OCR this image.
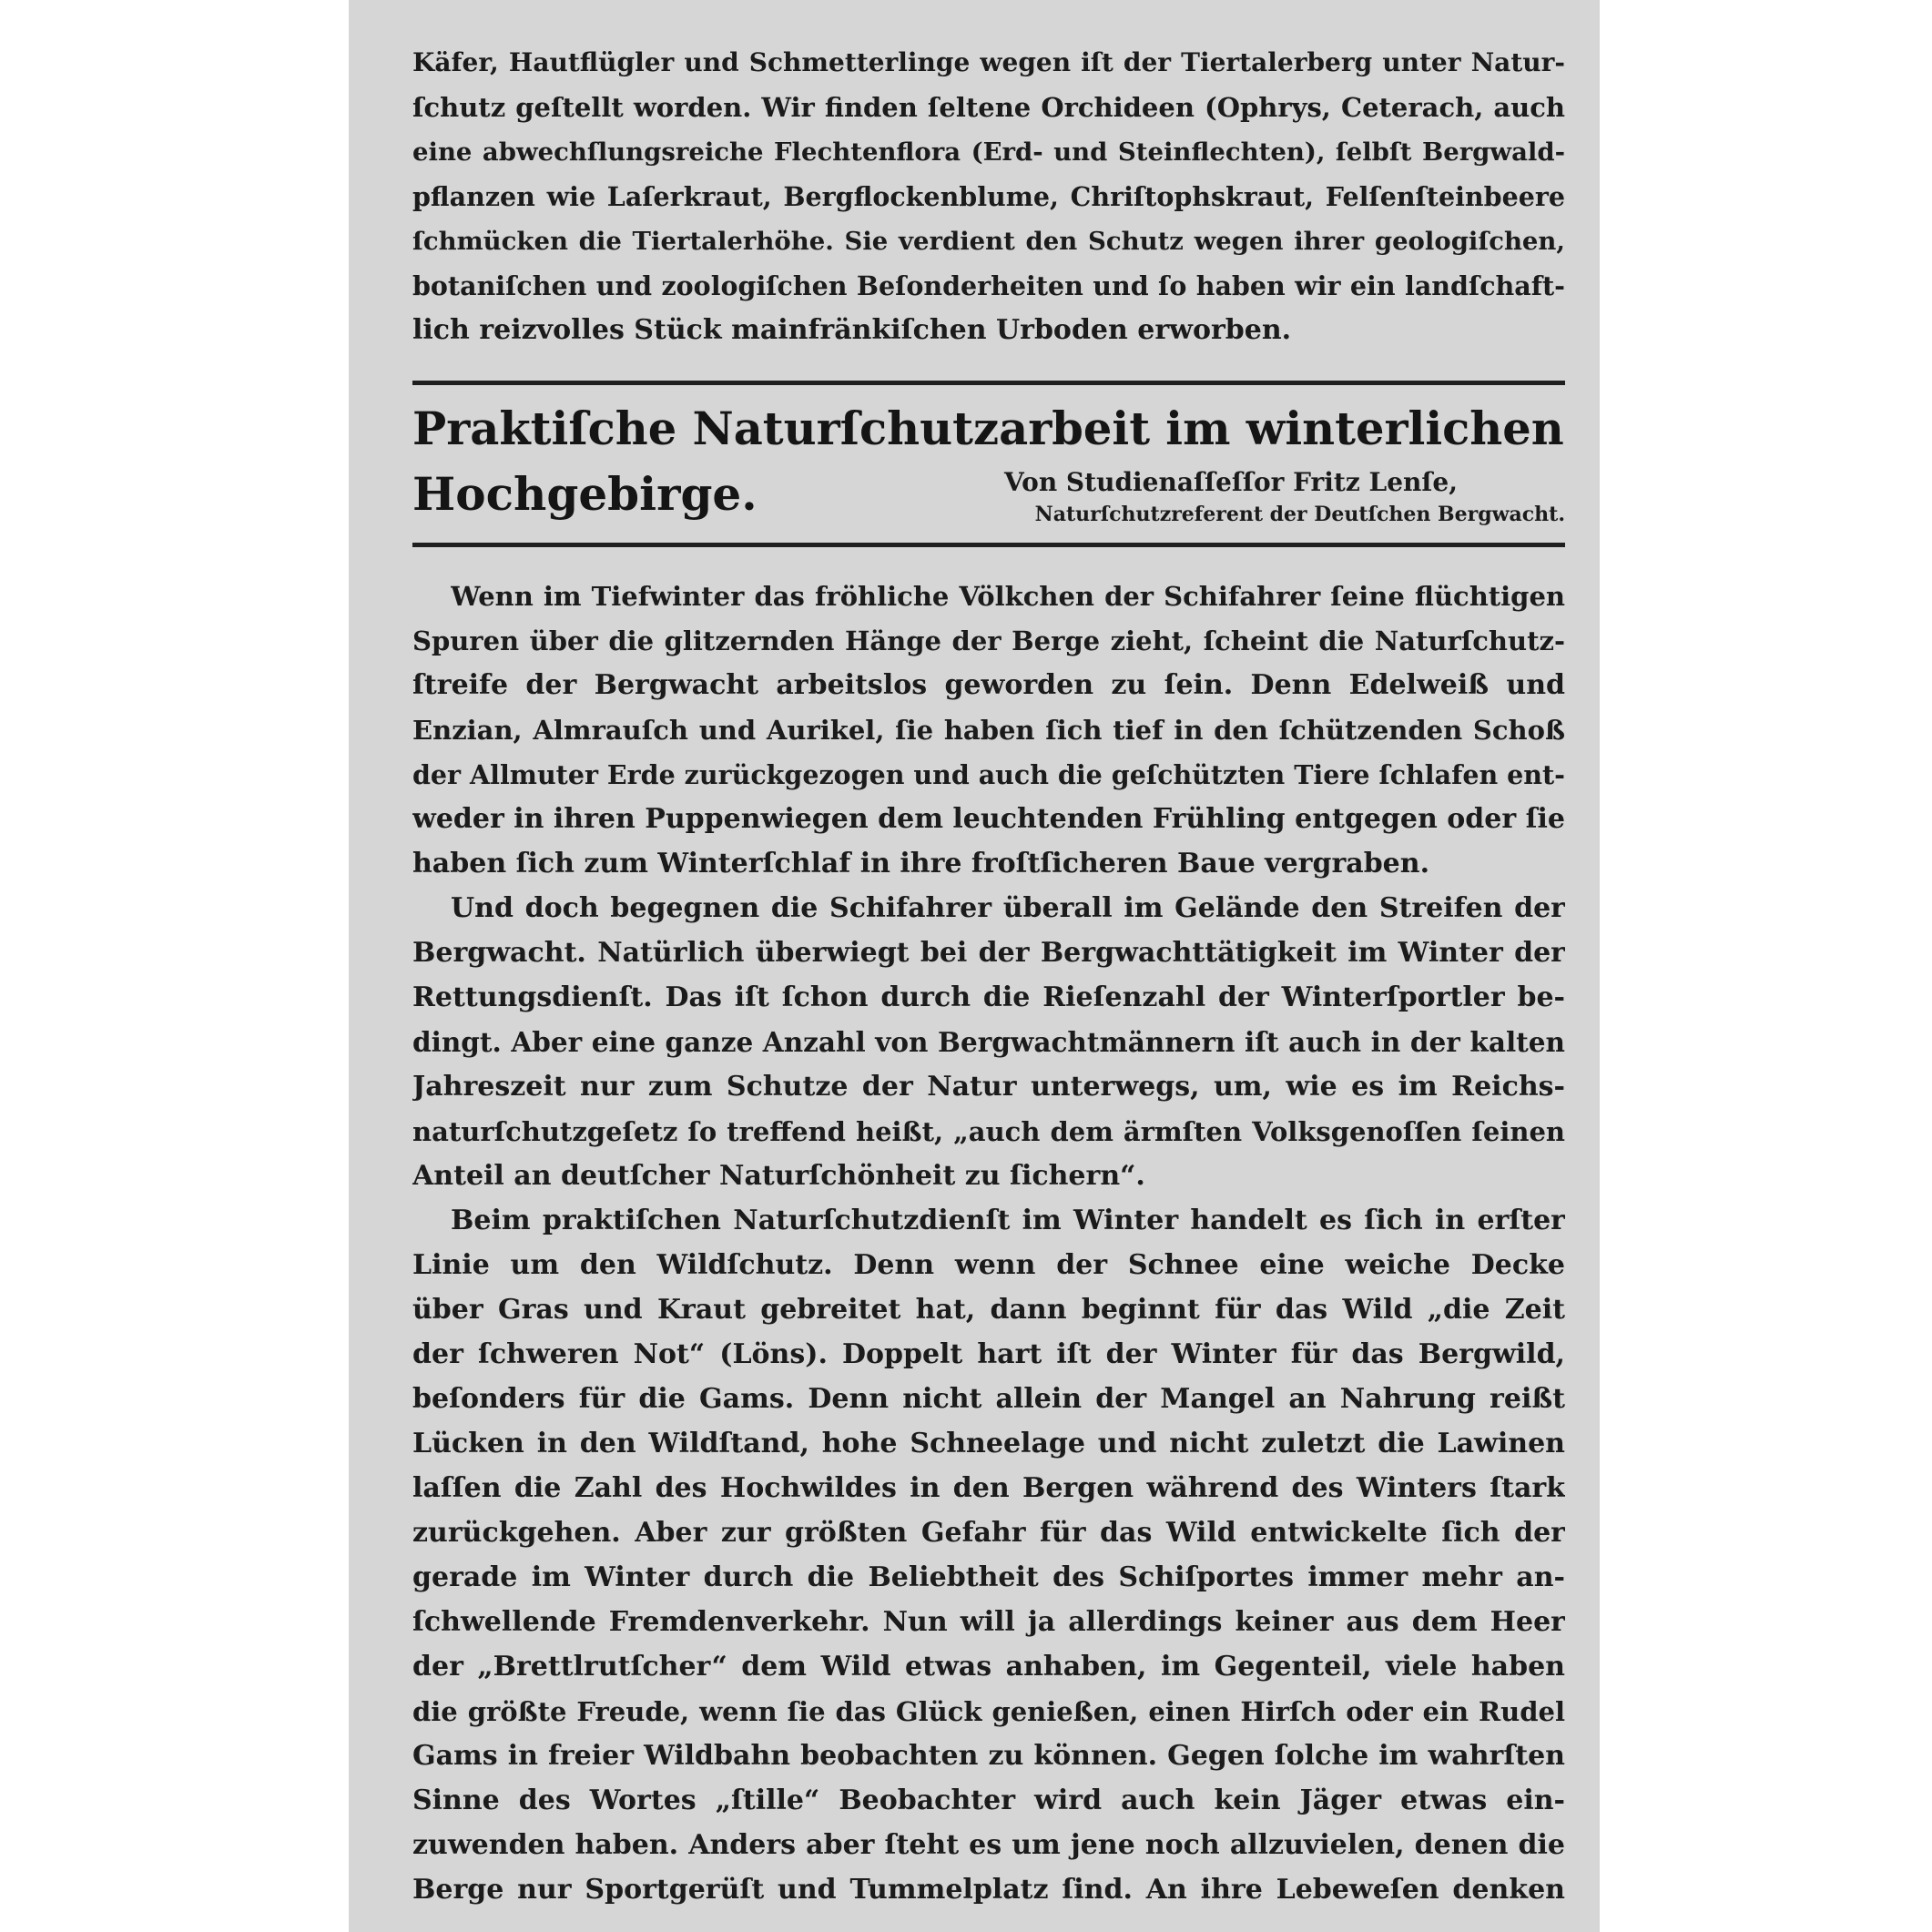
Käfer, Hautflügler und Schmetterlinge wegen iſt der Tiertalerberg unter Natur-
ſchutz geſtellt worden. Wir finden ſeltene Orchideen (Ophrys, Ceterach, auch
eine abwechſlungsreiche Flechtenflora (Erd- und Steinflechten), ſelbſt Bergwald-
pflanzen wie Laſerkraut, Bergflockenblume, Chriſtophskraut, Felſenſteinbeere
ſchmücken die Tiertalerhöhe. Sie verdient den Schutz wegen ihrer geologiſchen,
botaniſchen und zoologiſchen Beſonderheiten und ſo haben wir ein landſchaft-
lich reizvolles Stück mainfränkiſchen Urboden erworben.
Praktiſche Naturſchutzarbeit im winterlichen
Hochgebirge.	Von Studienaſſeſſor Fritz Lenſe,
Naturſchutzreferent der Deutſchen Bergwacht.
Wenn im Tiefwinter das fröhliche Völkchen der Schifahrer ſeine flüchtigen
Spuren über die glitzernden Hänge der Berge zieht, ſcheint die Naturſchutz-
ſtreife der Bergwacht arbeitslos geworden zu ſein. Denn Edelweiß und
Enzian, Almrauſch und Aurikel, ſie haben ſich tief in den ſchützenden Schoß
der Allmuter Erde zurückgezogen und auch die geſchützten Tiere ſchlafen ent-
weder in ihren Puppenwiegen dem leuchtenden Frühling entgegen oder ſie
haben ſich zum Winterſchlaf in ihre froſtſicheren Baue vergraben.
Und doch begegnen die Schifahrer überall im Gelände den Streifen der
Bergwacht. Natürlich überwiegt bei der Bergwachttätigkeit im Winter der
Rettungsdienſt. Das iſt ſchon durch die Rieſenzahl der Winterſportler be-
dingt. Aber eine ganze Anzahl von Bergwachtmännern iſt auch in der kalten
Jahreszeit nur zum Schutze der Natur unterwegs, um, wie es im Reichs-
naturſchutzgeſetz ſo treffend heißt, „auch dem ärmſten Volksgenoſſen ſeinen
Anteil an deutſcher Naturſchönheit zu ſichern“.
Beim praktiſchen Naturſchutzdienſt im Winter handelt es ſich in erſter
Linie um den Wildſchutz. Denn wenn der Schnee eine weiche Decke
über Gras und Kraut gebreitet hat, dann beginnt für das Wild „die Zeit
der ſchweren Not“ (Löns). Doppelt hart iſt der Winter für das Bergwild,
beſonders für die Gams. Denn nicht allein der Mangel an Nahrung reißt
Lücken in den Wildſtand, hohe Schneelage und nicht zuletzt die Lawinen
laſſen die Zahl des Hochwildes in den Bergen während des Winters ſtark
zurückgehen. Aber zur größten Gefahr für das Wild entwickelte ſich der
gerade im Winter durch die Beliebtheit des Schiſportes immer mehr an-
ſchwellende Fremdenverkehr. Nun will ja allerdings keiner aus dem Heer
der „Brettlrutſcher“ dem Wild etwas anhaben, im Gegenteil, viele haben
die größte Freude, wenn ſie das Glück genießen, einen Hirſch oder ein Rudel
Gams in freier Wildbahn beobachten zu können. Gegen ſolche im wahrſten
Sinne des Wortes „ſtille“ Beobachter wird auch kein Jäger etwas ein-
zuwenden haben. Anders aber ſteht es um jene noch allzuvielen, denen die
Berge nur Sportgerüſt und Tummelplatz ſind. An ihre Lebeweſen denken
